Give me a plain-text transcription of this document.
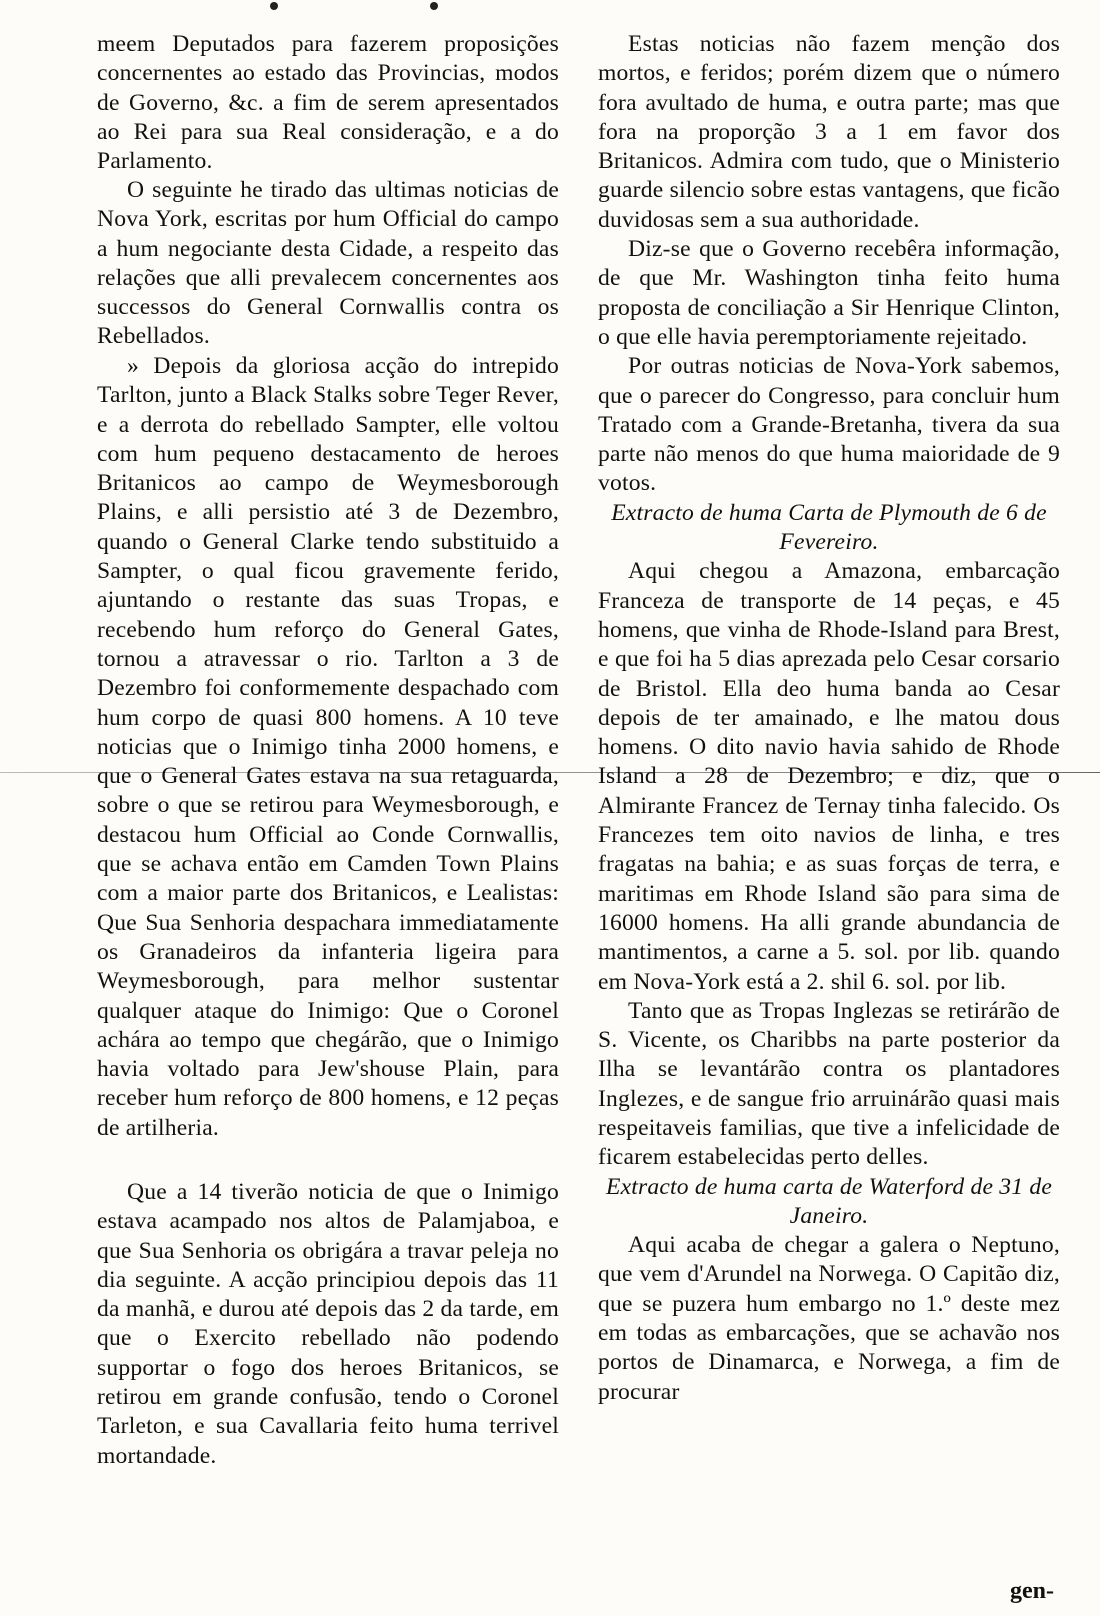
meem Deputados para fazerem proposições concernentes ao estado das Provincias, modos de Governo, &c. a fim de serem apresentados ao Rei para sua Real consideração, e a do Parlamento.

O seguinte he tirado das ultimas noticias de Nova York, escritas por hum Official do campo a hum negociante desta Cidade, a respeito das relações que alli prevalecem concernentes aos successos do General Cornwallis contra os Rebellados.

» Depois da gloriosa acção do intrepido Tarlton, junto a Black Stalks sobre Teger Rever, e a derrota do rebellado Sampter, elle voltou com hum pequeno destacamento de heroes Britanicos ao campo de Weymesborough Plains, e alli persistio até 3 de Dezembro, quando o General Clarke tendo substituido a Sampter, o qual ficou gravemente ferido, ajuntando o restante das suas Tropas, e recebendo hum reforço do General Gates, tornou a atravessar o rio. Tarlton a 3 de Dezembro foi conformemente despachado com hum corpo de quasi 800 homens. A 10 teve noticias que o Inimigo tinha 2000 homens, e que o General Gates estava na sua retaguarda, sobre o que se retirou para Weymesborough, e destacou hum Official ao Conde Cornwallis, que se achava então em Camden Town Plains com a maior parte dos Britanicos, e Lealistas: Que Sua Senhoria despachara immediatamente os Granadeiros da infanteria ligeira para Weymesborough, para melhor sustentar qualquer ataque do Inimigo: Que o Coronel achára ao tempo que chegárão, que o Inimigo havia voltado para Jew'shouse Plain, para receber hum reforço de 800 homens, e 12 peças de artilheria.

Que a 14 tiverão noticia de que o Inimigo estava acampado nos altos de Palamjaboa, e que Sua Senhoria os obrigára a travar peleja no dia seguinte. A acção principiou depois das 11 da manhã, e durou até depois das 2 da tarde, em que o Exercito rebellado não podendo supportar o fogo dos heroes Britanicos, se retirou em grande confusão, tendo o Coronel Tarleton, e sua Cavallaria feito huma terrivel mortandade.

Estas noticias não fazem menção dos mortos, e feridos; porém dizem que o número fora avultado de huma, e outra parte; mas que fora na proporção 3 a 1 em favor dos Britanicos. Admira com tudo, que o Ministerio guarde silencio sobre estas vantagens, que ficão duvidosas sem a sua authoridade.

Diz-se que o Governo recebêra informação, de que Mr. Washington tinha feito huma proposta de conciliação a Sir Henrique Clinton, o que elle havia peremptoriamente rejeitado.

Por outras noticias de Nova-York sabemos, que o parecer do Congresso, para concluir hum Tratado com a Grande-Bretanha, tivera da sua parte não menos do que huma maioridade de 9 votos.

Extracto de huma Carta de Plymouth de 6 de Fevereiro.

Aqui chegou a Amazona, embarcação Franceza de transporte de 14 peças, e 45 homens, que vinha de Rhode-Island para Brest, e que foi ha 5 dias aprezada pelo Cesar corsario de Bristol. Ella deo huma banda ao Cesar depois de ter amainado, e lhe matou dous homens. O dito navio havia sahido de Rhode Island a 28 de Dezembro; e diz, que o Almirante Francez de Ternay tinha falecido. Os Francezes tem oito navios de linha, e tres fragatas na bahia; e as suas forças de terra, e maritimas em Rhode Island são para sima de 16000 homens. Ha alli grande abundancia de mantimentos, a carne a 5. sol. por lib. quando em Nova-York está a 2. shil 6. sol. por lib.

Tanto que as Tropas Inglezas se retirárão de S. Vicente, os Charibbs na parte posterior da Ilha se levantárão contra os plantadores Inglezes, e de sangue frio arruinárão quasi mais respeitaveis familias, que tive a infelicidade de ficarem estabelecidas perto delles.

Extracto de huma carta de Waterford de 31 de Janeiro.

Aqui acaba de chegar a galera o Neptuno, que vem d'Arundel na Norwega. O Capitão diz, que se puzera hum embargo no 1.º deste mez em todas as embarcações, que se achavão nos portos de Dinamarca, e Norwega, a fim de procurar

gen-
